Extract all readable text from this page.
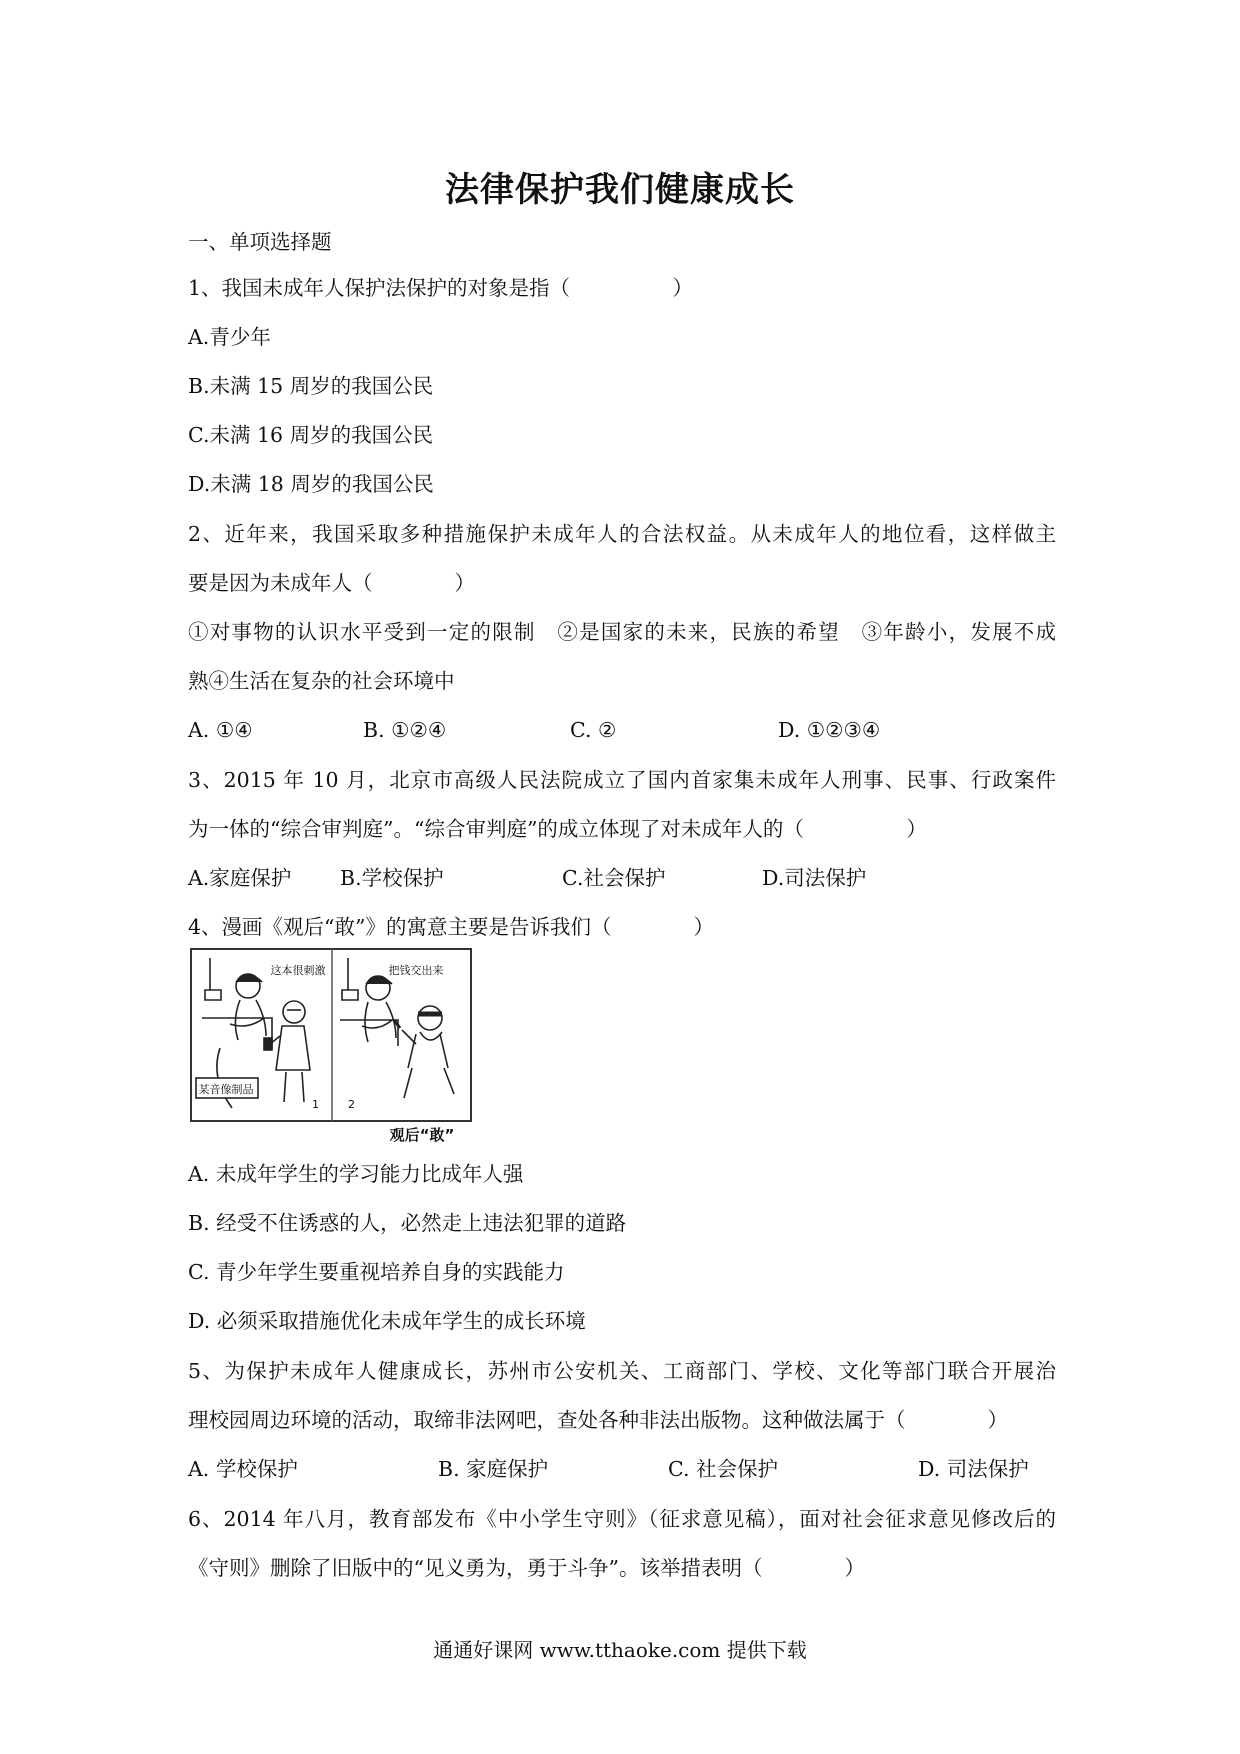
法律保护我们健康成长
一、单项选择题
1、我国未成年人保护法保护的对象是指（　　　　　）
A.青少年
B.未满 15 周岁的我国公民
C.未满 16 周岁的我国公民
D.未满 18 周岁的我国公民
2、近年来，我国采取多种措施保护未成年人的合法权益。从未成年人的地位看，这样做主
要是因为未成年人（　　　　）
①对事物的认识水平受到一定的限制　②是国家的未来，民族的希望　③年龄小，发展不成
熟④生活在复杂的社会环境中
A. ①④	B. ①②④	C. ②	D. ①②③④
3、2015 年 10 月，北京市高级人民法院成立了国内首家集未成年人刑事、民事、行政案件
为一体的“综合审判庭”。“综合审判庭”的成立体现了对未成年人的（　　　　　）
A.家庭保护 B.学校保护	C.社会保护	D.司法保护
4、漫画《观后“敢”》的寓意主要是告诉我们（　　　　）
某音像制品
这本很刺激
1
把钱交出来
2
观后“敢”
A. 未成年学生的学习能力比成年人强
B. 经受不住诱惑的人，必然走上违法犯罪的道路
C. 青少年学生要重视培养自身的实践能力
D. 必须采取措施优化未成年学生的成长环境
5、为保护未成年人健康成长，苏州市公安机关、工商部门、学校、文化等部门联合开展治
理校园周边环境的活动，取缔非法网吧，查处各种非法出版物。这种做法属于（　　　　）
A. 学校保护	B. 家庭保护	C. 社会保护	D. 司法保护
6、2014 年八月，教育部发布《中小学生守则》（征求意见稿），面对社会征求意见修改后的
《守则》删除了旧版中的“见义勇为，勇于斗争”。该举措表明（　　　　）
通通好课网 www.tthaoke.com 提供下载
